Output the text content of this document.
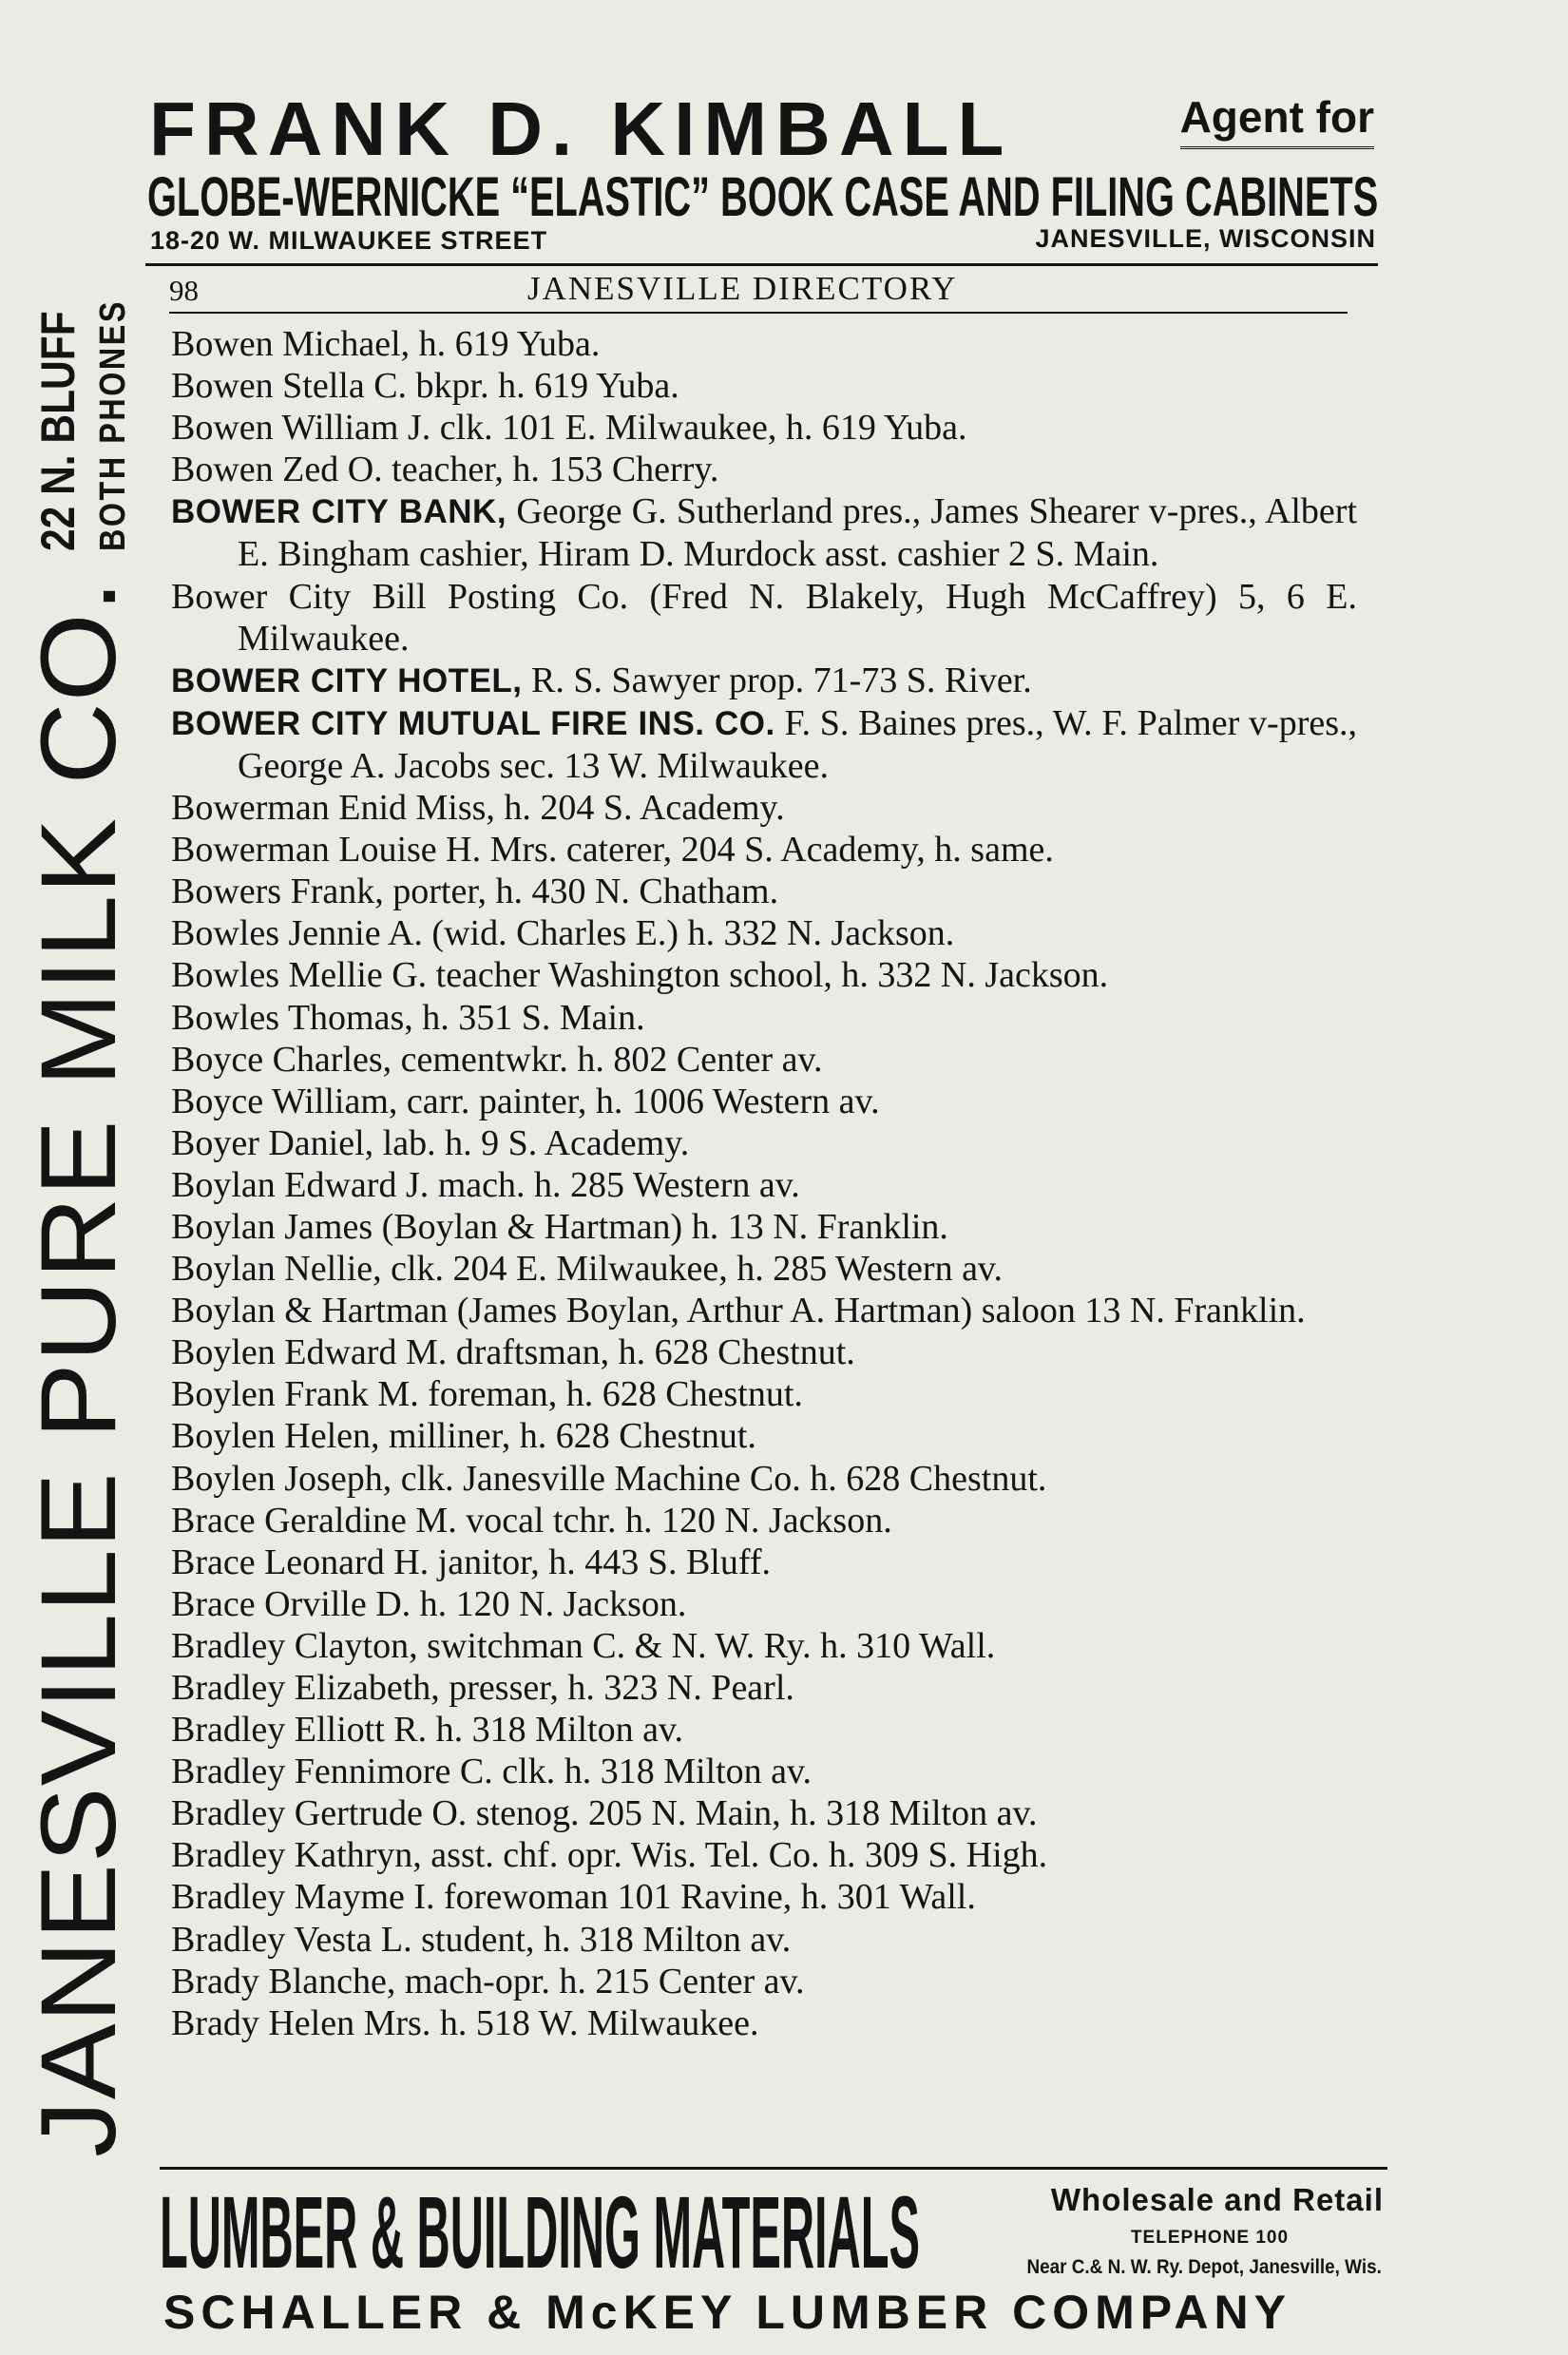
FRANK D. KIMBALL	Agent for
GLOBE-WERNICKE “ELASTIC” BOOK CASE AND FILING CABINETS
18-20 W. MILWAUKEE STREET	JANESVILLE, WISCONSIN
98	JANESVILLE DIRECTORY
JANESVILLE PURE MILK CO.
22 N. BLUFF BOTH PHONES Bowen Michael, h. 619 Yuba.
Bowen Stella C. bkpr. h. 619 Yuba.
Bowen William J. clk. 101 E. Milwaukee, h. 619 Yuba.
Bowen Zed O. teacher, h. 153 Cherry.
BOWER CITY BANK, George G. Sutherland pres., James Shearer v-pres., Albert E. Bingham cashier, Hiram D. Murdock asst. cashier 2 S. Main.
Bower City Bill Posting Co. (Fred N. Blakely, Hugh McCaffrey) 5, 6 E. Milwaukee.
BOWER CITY HOTEL, R. S. Sawyer prop. 71-73 S. River.
BOWER CITY MUTUAL FIRE INS. CO. F. S. Baines pres., W. F. Palmer v-pres., George A. Jacobs sec. 13 W. Milwaukee.
Bowerman Enid Miss, h. 204 S. Academy.
Bowerman Louise H. Mrs. caterer, 204 S. Academy, h. same.
Bowers Frank, porter, h. 430 N. Chatham.
Bowles Jennie A. (wid. Charles E.) h. 332 N. Jackson.
Bowles Mellie G. teacher Washington school, h. 332 N. Jackson.
Bowles Thomas, h. 351 S. Main.
Boyce Charles, cementwkr. h. 802 Center av.
Boyce William, carr. painter, h. 1006 Western av.
Boyer Daniel, lab. h. 9 S. Academy.
Boylan Edward J. mach. h. 285 Western av.
Boylan James (Boylan & Hartman) h. 13 N. Franklin.
Boylan Nellie, clk. 204 E. Milwaukee, h. 285 Western av.
Boylan & Hartman (James Boylan, Arthur A. Hartman) saloon 13 N. Franklin.
Boylen Edward M. draftsman, h. 628 Chestnut.
Boylen Frank M. foreman, h. 628 Chestnut.
Boylen Helen, milliner, h. 628 Chestnut.
Boylen Joseph, clk. Janesville Machine Co. h. 628 Chestnut.
Brace Geraldine M. vocal tchr. h. 120 N. Jackson.
Brace Leonard H. janitor, h. 443 S. Bluff.
Brace Orville D. h. 120 N. Jackson.
Bradley Clayton, switchman C. & N. W. Ry. h. 310 Wall.
Bradley Elizabeth, presser, h. 323 N. Pearl.
Bradley Elliott R. h. 318 Milton av.
Bradley Fennimore C. clk. h. 318 Milton av.
Bradley Gertrude O. stenog. 205 N. Main, h. 318 Milton av.
Bradley Kathryn, asst. chf. opr. Wis. Tel. Co. h. 309 S. High.
Bradley Mayme I. forewoman 101 Ravine, h. 301 Wall.
Bradley Vesta L. student, h. 318 Milton av.
Brady Blanche, mach-opr. h. 215 Center av.
Brady Helen Mrs. h. 518 W. Milwaukee.
LUMBER & BUILDING MATERIALS	Wholesale and Retail
TELEPHONE 100
Near C.& N. W. Ry. Depot, Janesville, Wis.
SCHALLER & McKEY LUMBER COMPANY
